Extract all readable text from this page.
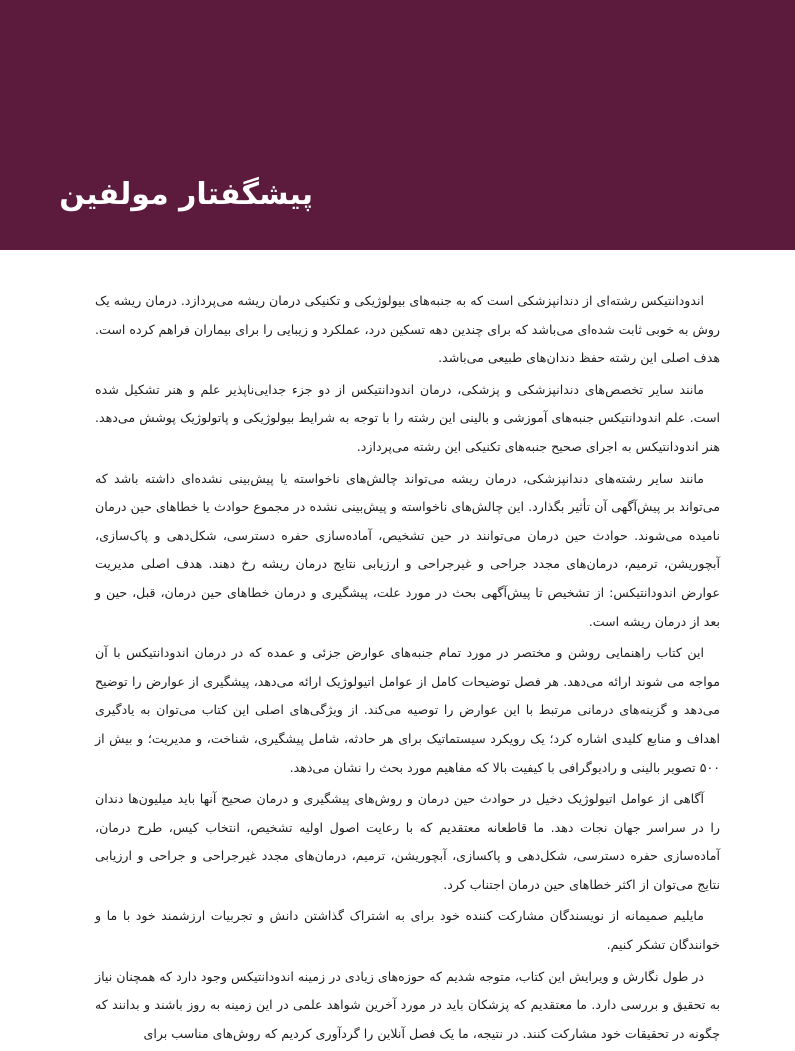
پیشگفتار مولفین

اندودانتیکس رشته‌ای از دندانپزشکی است که به جنبه‌های بیولوژیکی و تکنیکی درمان ریشه می‌پردازد. درمان ریشه یک روش به خوبی ثابت شده‌ای می‌باشد که برای چندین دهه تسکین درد، عملکرد و زیبایی را برای بیماران فراهم کرده است. هدف اصلی این رشته حفظ دندان‌های طبیعی می‌باشد.

مانند سایر تخصص‌های دندانپزشکی و پزشکی، درمان اندودانتیکس از دو جزء جدایی‌ناپذیر علم و هنر تشکیل شده است. علم اندودانتیکس جنبه‌های آموزشی و بالینی این رشته را با توجه به شرایط بیولوژیکی و پاتولوژیک پوشش می‌دهد. هنر اندودانتیکس به اجرای صحیح جنبه‌های تکنیکی این رشته می‌پردازد.

مانند سایر رشته‌های دندانپزشکی، درمان ریشه می‌تواند چالش‌های ناخواسته یا پیش‌بینی نشده‌ای داشته باشد که می‌تواند بر پیش‌آگهی آن تأثیر بگذارد. این چالش‌های ناخواسته و پیش‌بینی نشده در مجموع حوادث یا خطاهای حین درمان نامیده می‌شوند. حوادث حین درمان می‌توانند در حین تشخیص، آماده‌سازی حفره دسترسی، شکل‌دهی و پاک‌سازی، آبچوریشن، ترمیم، درمان‌های مجدد جراحی و غیرجراحی و ارزیابی نتایج درمان ریشه رخ دهند. هدف اصلی مدیریت عوارض اندودانتیکس: از تشخیص تا پیش‌آگهی بحث در مورد علت، پیشگیری و درمان خطاهای حین درمان، قبل، حین و بعد از درمان ریشه است.

این کتاب راهنمایی روشن و مختصر در مورد تمام جنبه‌های عوارض جزئی و عمده که در درمان اندودانتیکس با آن مواجه می شوند ارائه می‌دهد. هر فصل توضیحات کامل از عوامل اتیولوژیک ارائه می‌دهد، پیشگیری از عوارض را توضیح می‌دهد و گزینه‌های درمانی مرتبط با این عوارض را توصیه می‌کند. از ویژگی‌های اصلی این کتاب می‌توان به یادگیری اهداف و منابع کلیدی اشاره کرد؛ یک رویکرد سیستماتیک برای هر حادثه، شامل پیشگیری، شناخت، و مدیریت؛ و بیش از ۵۰۰ تصویر بالینی و رادیوگرافی با کیفیت بالا که مفاهیم مورد بحث را نشان می‌دهد.

آگاهی از عوامل اتیولوژیک دخیل در حوادث حین درمان و روش‌های پیشگیری و درمان صحیح آنها باید میلیون‌ها دندان را در سراسر جهان نجات دهد. ما قاطعانه معتقدیم که با رعایت اصول اولیه تشخیص، انتخاب کیس، طرح درمان، آماده‌سازی حفره دسترسی، شکل‌دهی و پاکسازی، آبچوریشن، ترمیم، درمان‌های مجدد غیرجراحی و جراحی و ارزیابی نتایج می‌توان از اکثر خطاهای حین درمان اجتناب کرد.

مایلیم صمیمانه از نویسندگان مشارکت کننده خود برای به اشتراک گذاشتن دانش و تجربیات ارزشمند خود با ما و خوانندگان تشکر کنیم.

در طول نگارش و ویرایش این کتاب، متوجه شدیم که حوزه‌های زیادی در زمینه اندودانتیکس وجود دارد که همچنان نیاز به تحقیق و بررسی دارد. ما معتقدیم که پزشکان باید در مورد آخرین شواهد علمی در این زمینه به روز باشند و بدانند که چگونه در تحقیقات خود مشارکت کنند. در نتیجه، ما یک فصل آنلاین را گردآوری کردیم که روش‌های مناسب برای
